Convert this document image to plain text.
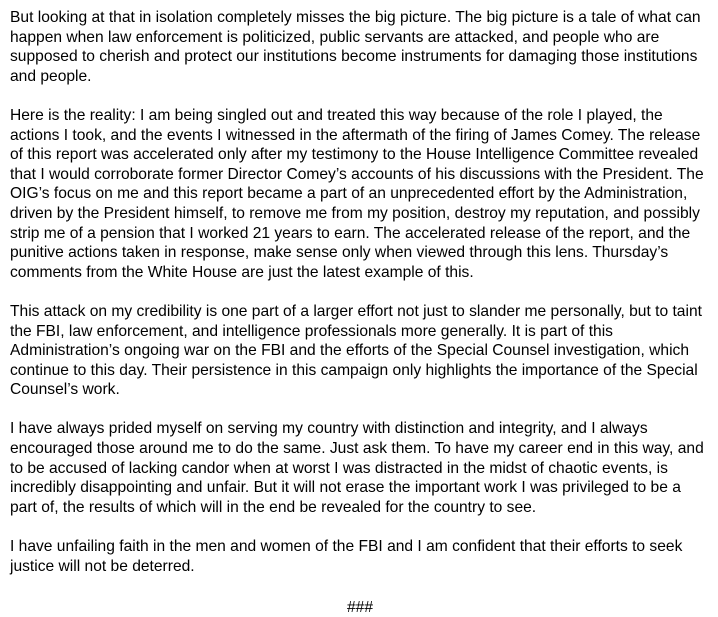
But looking at that in isolation completely misses the big picture. The big picture is a tale of what can happen when law enforcement is politicized, public servants are attacked, and people who are supposed to cherish and protect our institutions become instruments for damaging those institutions and people.

Here is the reality: I am being singled out and treated this way because of the role I played, the actions I took, and the events I witnessed in the aftermath of the firing of James Comey. The release of this report was accelerated only after my testimony to the House Intelligence Committee revealed that I would corroborate former Director Comey’s accounts of his discussions with the President. The OIG’s focus on me and this report became a part of an unprecedented effort by the Administration, driven by the President himself, to remove me from my position, destroy my reputation, and possibly strip me of a pension that I worked 21 years to earn. The accelerated release of the report, and the punitive actions taken in response, make sense only when viewed through this lens. Thursday’s comments from the White House are just the latest example of this.

This attack on my credibility is one part of a larger effort not just to slander me personally, but to taint the FBI, law enforcement, and intelligence professionals more generally. It is part of this Administration’s ongoing war on the FBI and the efforts of the Special Counsel investigation, which continue to this day. Their persistence in this campaign only highlights the importance of the Special Counsel’s work.

I have always prided myself on serving my country with distinction and integrity, and I always encouraged those around me to do the same. Just ask them. To have my career end in this way, and to be accused of lacking candor when at worst I was distracted in the midst of chaotic events, is incredibly disappointing and unfair. But it will not erase the important work I was privileged to be a part of, the results of which will in the end be revealed for the country to see.

I have unfailing faith in the men and women of the FBI and I am confident that their efforts to seek justice will not be deterred.

###
